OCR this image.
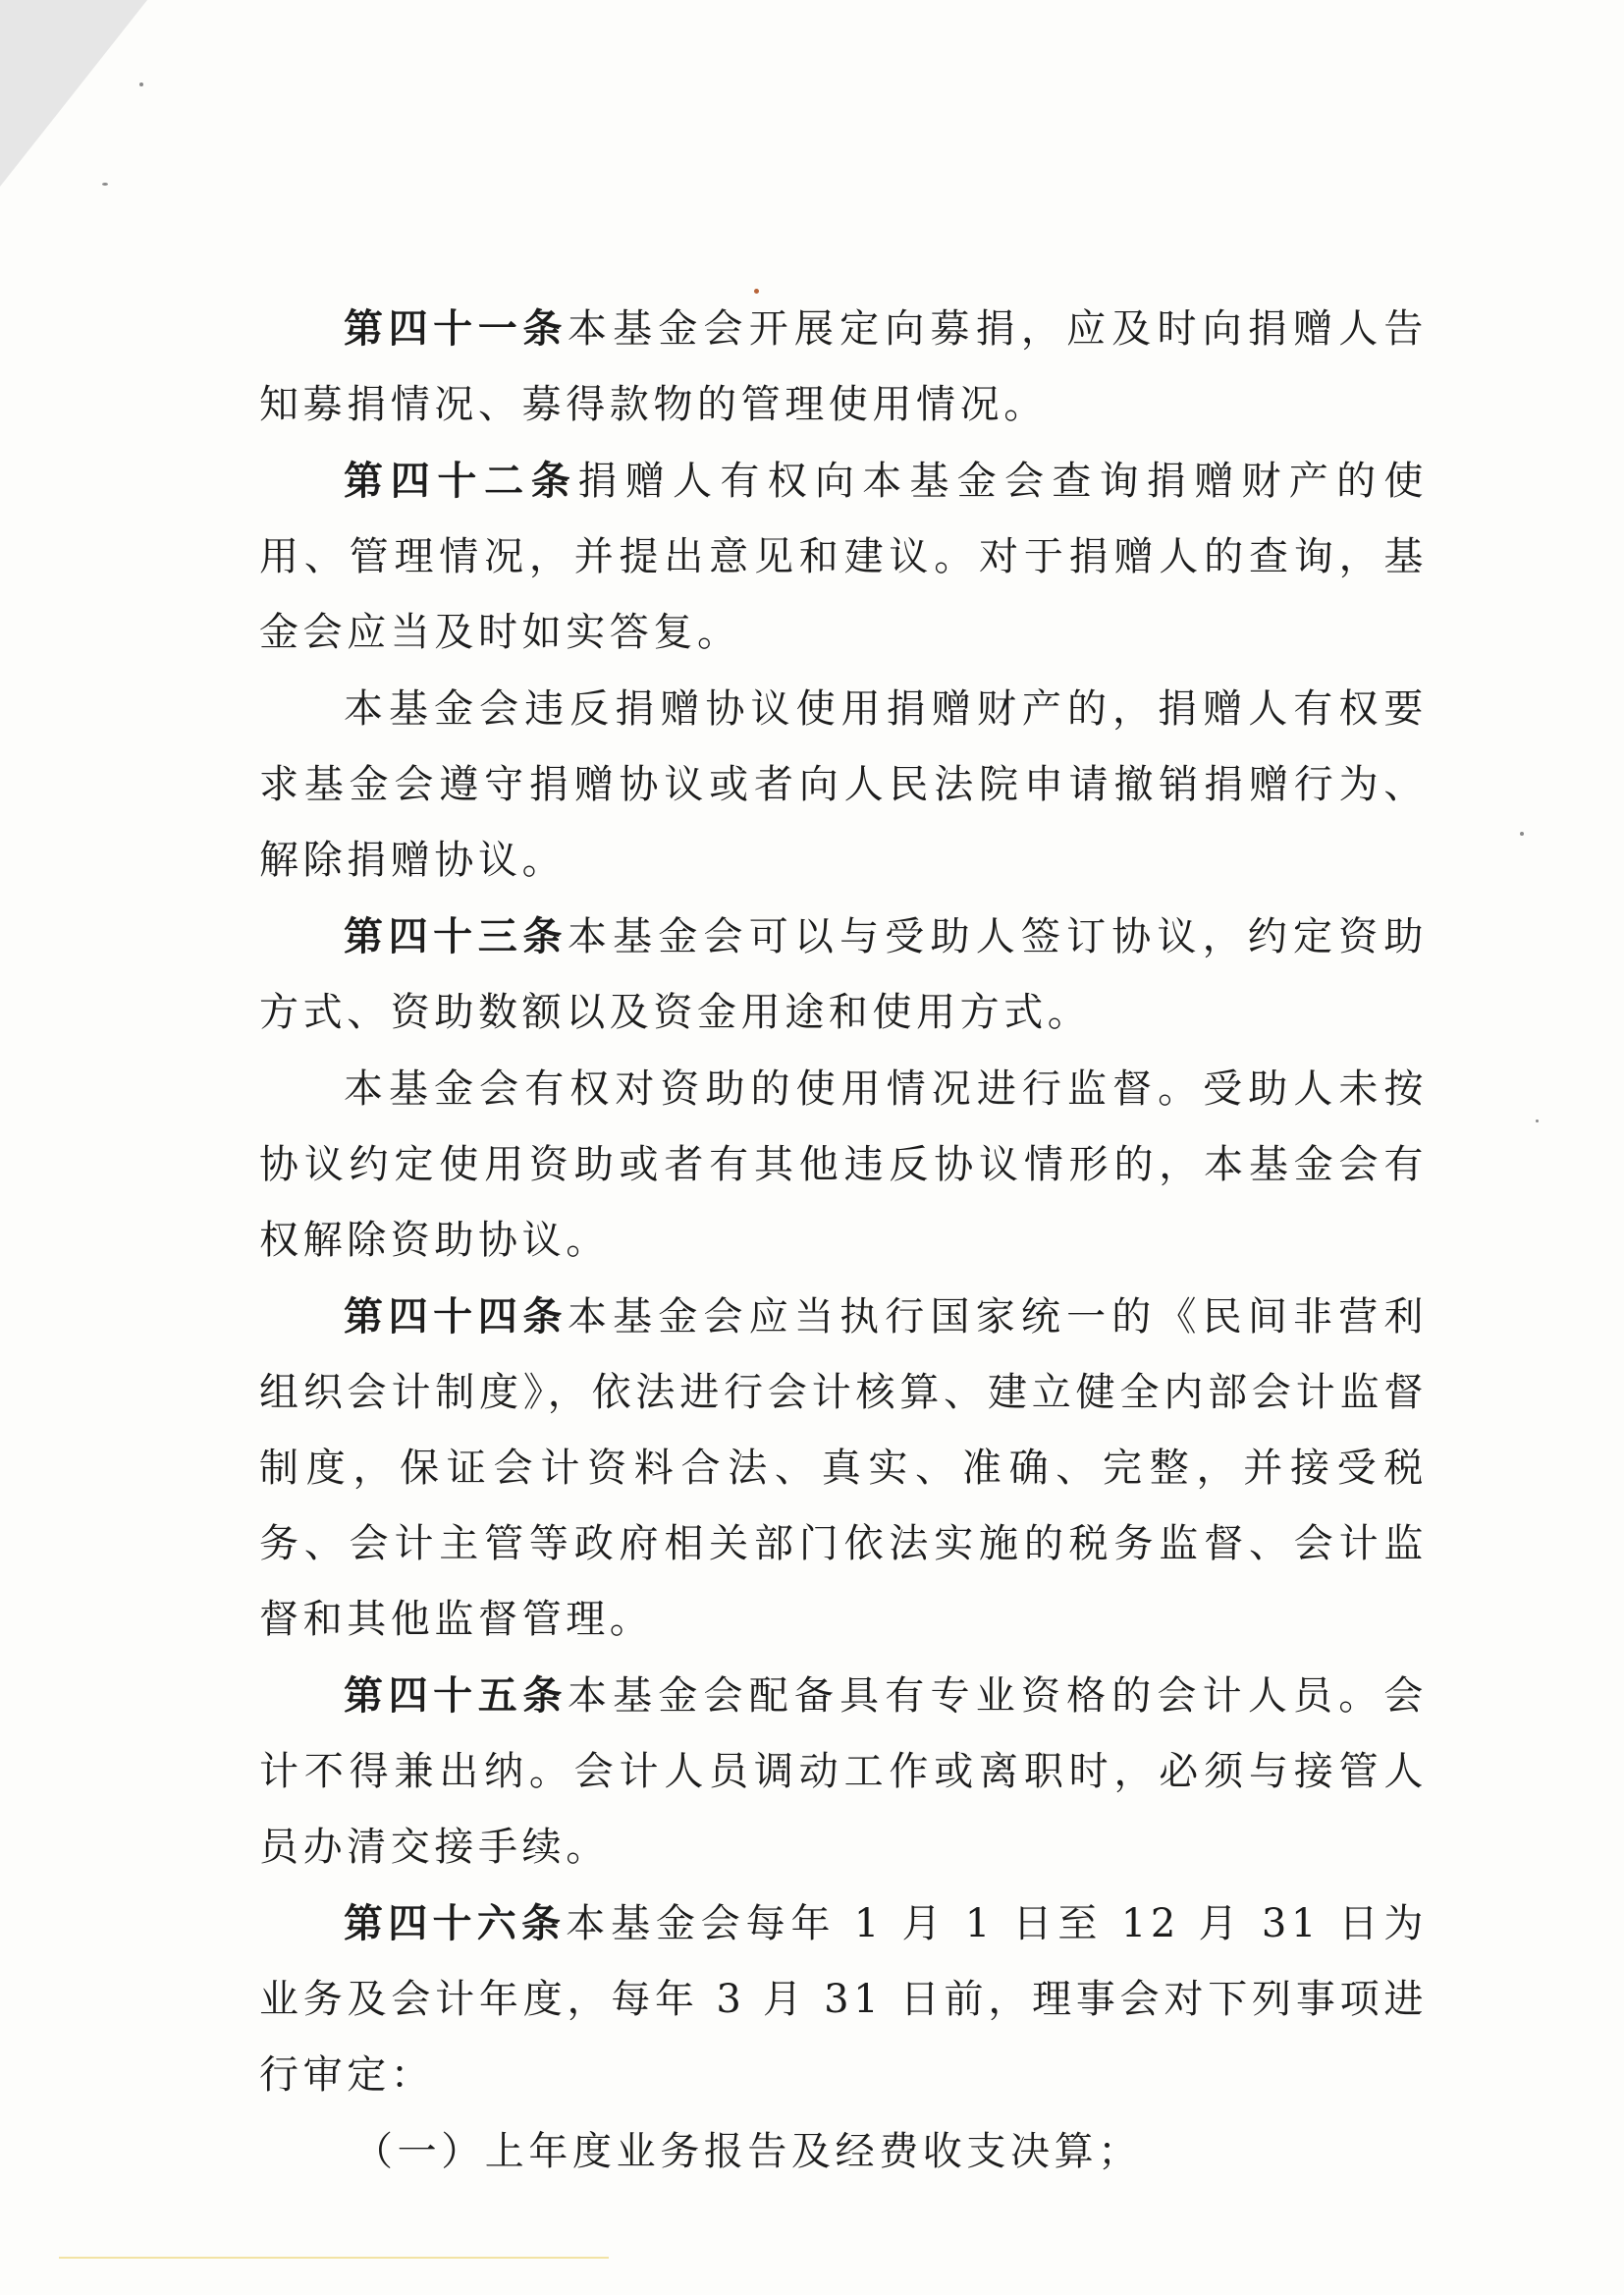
第四十一条本基金会开展定向募捐，应及时向捐赠人告知募捐情况、募得款物的管理使用情况。

第四十二条捐赠人有权向本基金会查询捐赠财产的使用、管理情况，并提出意见和建议。对于捐赠人的查询，基金会应当及时如实答复。

本基金会违反捐赠协议使用捐赠财产的，捐赠人有权要求基金会遵守捐赠协议或者向人民法院申请撤销捐赠行为、解除捐赠协议。

第四十三条本基金会可以与受助人签订协议，约定资助方式、资助数额以及资金用途和使用方式。

本基金会有权对资助的使用情况进行监督。受助人未按协议约定使用资助或者有其他违反协议情形的，本基金会有权解除资助协议。

第四十四条本基金会应当执行国家统一的《民间非营利组织会计制度》，依法进行会计核算、建立健全内部会计监督制度，保证会计资料合法、真实、准确、完整，并接受税务、会计主管等政府相关部门依法实施的税务监督、会计监督和其他监督管理。

第四十五条本基金会配备具有专业资格的会计人员。会计不得兼出纳。会计人员调动工作或离职时，必须与接管人员办清交接手续。

第四十六条本基金会每年 1 月 1 日至 12 月 31 日为业务及会计年度，每年 3 月 31 日前，理事会对下列事项进行审定：

（一）上年度业务报告及经费收支决算；
